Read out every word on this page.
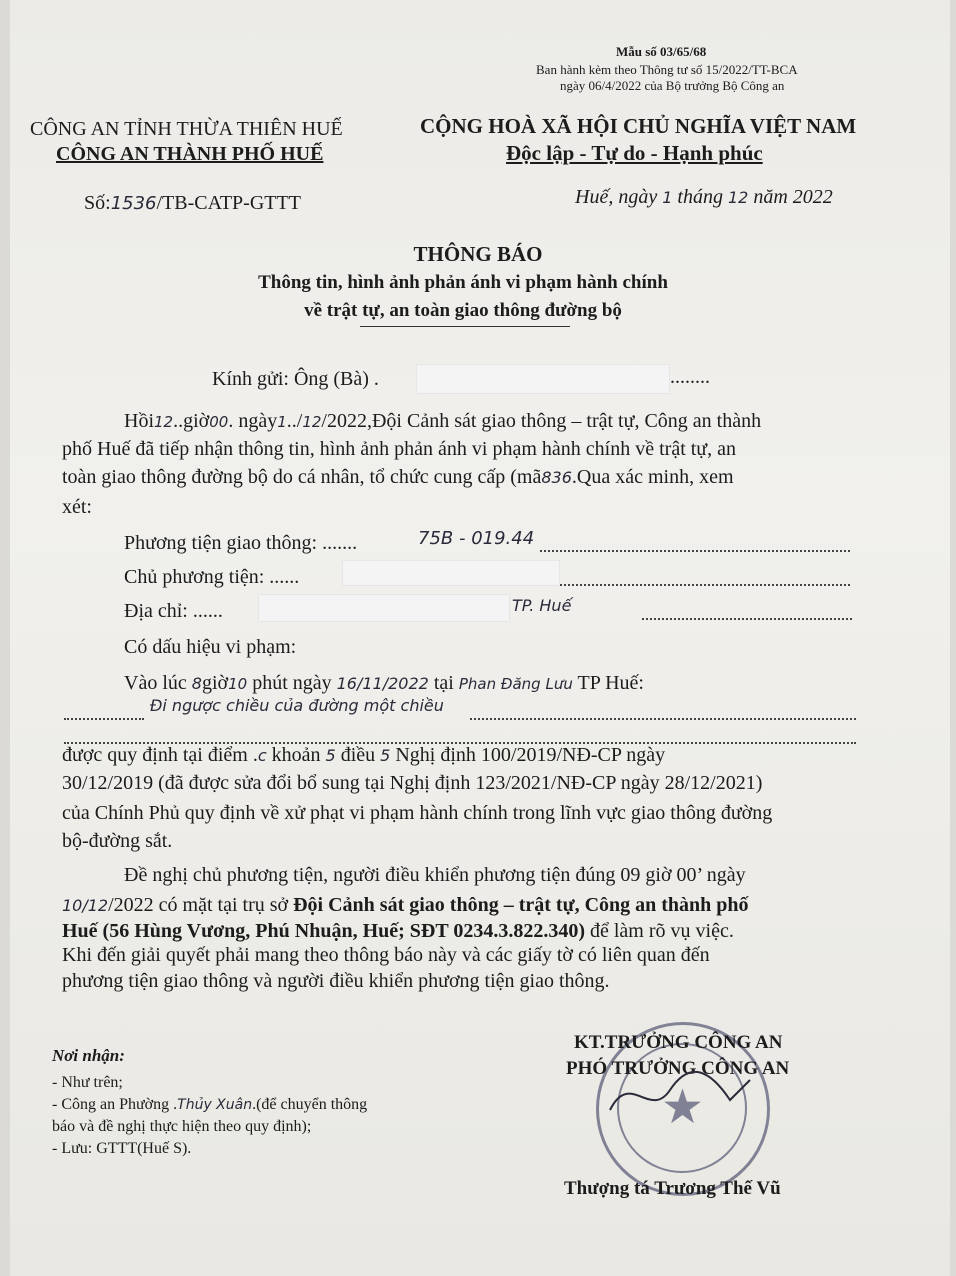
Mẫu số 03/65/68
Ban hành kèm theo Thông tư số 15/2022/TT-BCA
ngày 06/4/2022 của Bộ trưởng Bộ Công an
CÔNG AN TỈNH THỪA THIÊN HUẾ
CÔNG AN THÀNH PHỐ HUẾ
CỘNG HOÀ XÃ HỘI CHỦ NGHĨA VIỆT NAM
Độc lập - Tự do - Hạnh phúc
Số:1536/TB-CATP-GTTT	Huế, ngày 1 tháng 12 năm 2022
THÔNG BÁO
Thông tin, hình ảnh phản ánh vi phạm hành chính
về trật tự, an toàn giao thông đường bộ
Kính gửi: Ông (Bà) .	........
Hồi12..giờ00. ngày1../12/2022,Đội Cảnh sát giao thông – trật tự, Công an thành
phố Huế đã tiếp nhận thông tin, hình ảnh phản ánh vi phạm hành chính về trật tự, an
toàn giao thông đường bộ do cá nhân, tổ chức cung cấp (mã836.Qua xác minh, xem
xét:
Phương tiện giao thông: .......	75B - 019.44
Chủ phương tiện: ......
Địa chỉ: ......	TP. Huế
Có dấu hiệu vi phạm:
Vào lúc 8giờ10 phút ngày 16/11/2022 tại Phan Đăng Lưu TP Huế:
Đi ngược chiều của đường một chiều
được quy định tại điểm .c khoản 5 điều 5 Nghị định 100/2019/NĐ-CP ngày
30/12/2019 (đã được sửa đổi bổ sung tại Nghị định 123/2021/NĐ-CP ngày 28/12/2021)
của Chính Phủ quy định về xử phạt vi phạm hành chính trong lĩnh vực giao thông đường
bộ-đường sắt.
Đề nghị chủ phương tiện, người điều khiển phương tiện đúng 09 giờ 00’ ngày
10/12/2022 có mặt tại trụ sở Đội Cảnh sát giao thông – trật tự, Công an thành phố
Huế (56 Hùng Vương, Phú Nhuận, Huế; SĐT 0234.3.822.340) để làm rõ vụ việc.
Khi đến giải quyết phải mang theo thông báo này và các giấy tờ có liên quan đến
phương tiện giao thông và người điều khiển phương tiện giao thông.
Nơi nhận:
- Như trên;
- Công an Phường .Thủy Xuân.(để chuyển thông
báo và đề nghị thực hiện theo quy định);
- Lưu: GTTT(Huế S).
★
KT.TRƯỞNG CÔNG AN
PHÓ TRƯỞNG CÔNG AN
Thượng tá Trương Thế Vũ
